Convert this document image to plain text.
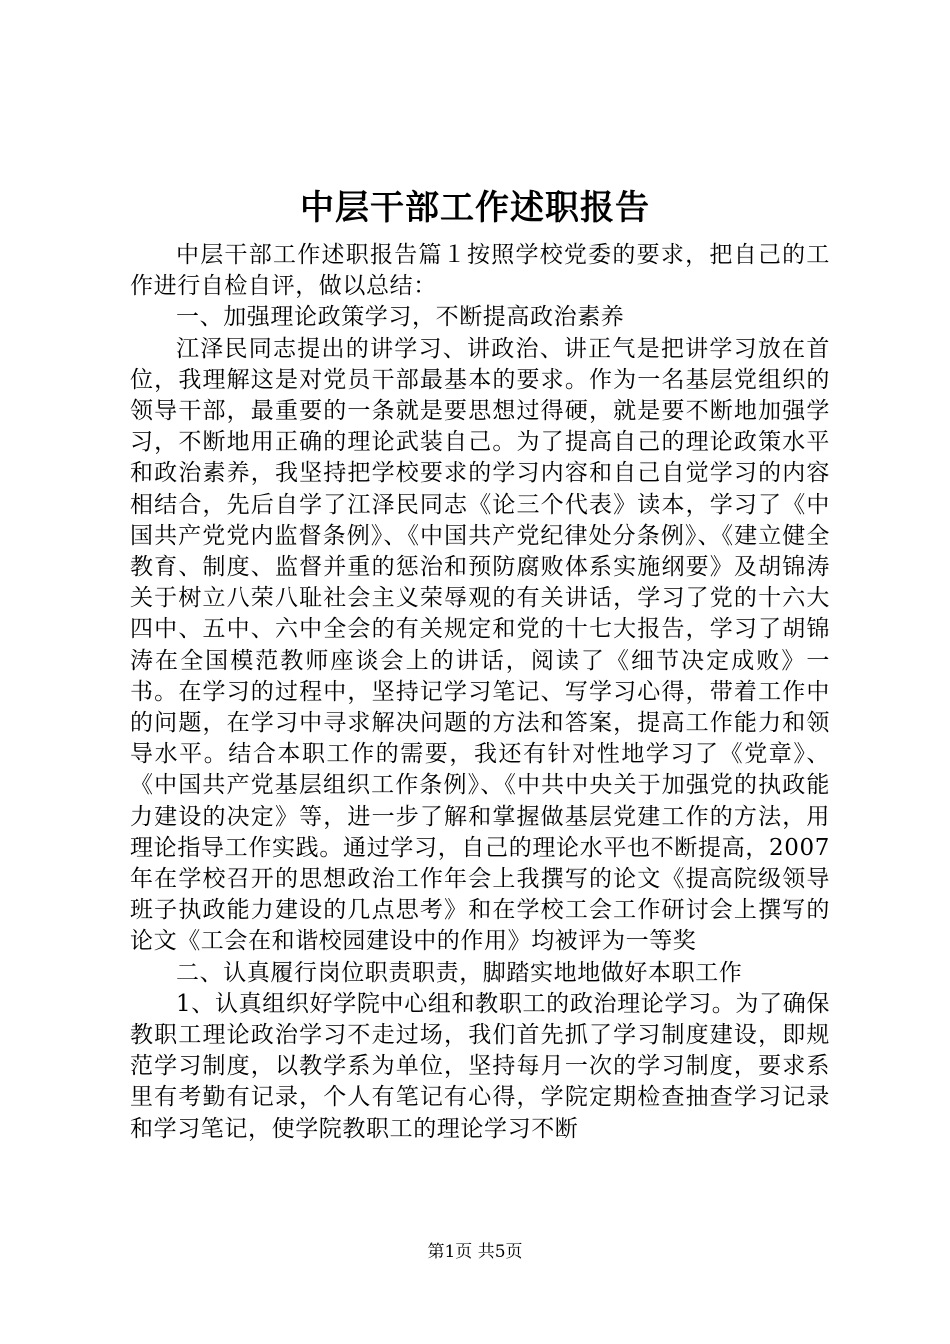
中层干部工作述职报告

中层干部工作述职报告篇１按照学校党委的要求，把自己的工作进行自检自评，做以总结：

一、加强理论政策学习，不断提高政治素养

江泽民同志提出的讲学习、讲政治、讲正气是把讲学习放在首位，我理解这是对党员干部最基本的要求。作为一名基层党组织的领导干部，最重要的一条就是要思想过得硬，就是要不断地加强学习，不断地用正确的理论武装自己。为了提高自己的理论政策水平和政治素养，我坚持把学校要求的学习内容和自己自觉学习的内容相结合，先后自学了江泽民同志《论三个代表》读本，学习了《中国共产党党内监督条例》、《中国共产党纪律处分条例》、《建立健全教育、制度、监督并重的惩治和预防腐败体系实施纲要》及胡锦涛关于树立八荣八耻社会主义荣辱观的有关讲话，学习了党的十六大四中、五中、六中全会的有关规定和党的十七大报告，学习了胡锦涛在全国模范教师座谈会上的讲话，阅读了《细节决定成败》一书。在学习的过程中，坚持记学习笔记、写学习心得，带着工作中的问题，在学习中寻求解决问题的方法和答案，提高工作能力和领导水平。结合本职工作的需要，我还有针对性地学习了《党章》、《中国共产党基层组织工作条例》、《中共中央关于加强党的执政能力建设的决定》等，进一步了解和掌握做基层党建工作的方法，用理论指导工作实践。通过学习，自己的理论水平也不断提高，2007年在学校召开的思想政治工作年会上我撰写的论文《提高院级领导班子执政能力建设的几点思考》和在学校工会工作研讨会上撰写的论文《工会在和谐校园建设中的作用》均被评为一等奖

二、认真履行岗位职责职责，脚踏实地地做好本职工作

1、认真组织好学院中心组和教职工的政治理论学习。为了确保教职工理论政治学习不走过场，我们首先抓了学习制度建设，即规范学习制度，以教学系为单位，坚持每月一次的学习制度，要求系里有考勤有记录，个人有笔记有心得，学院定期检查抽查学习记录和学习笔记，使学院教职工的理论学习不断

第1页 共5页
